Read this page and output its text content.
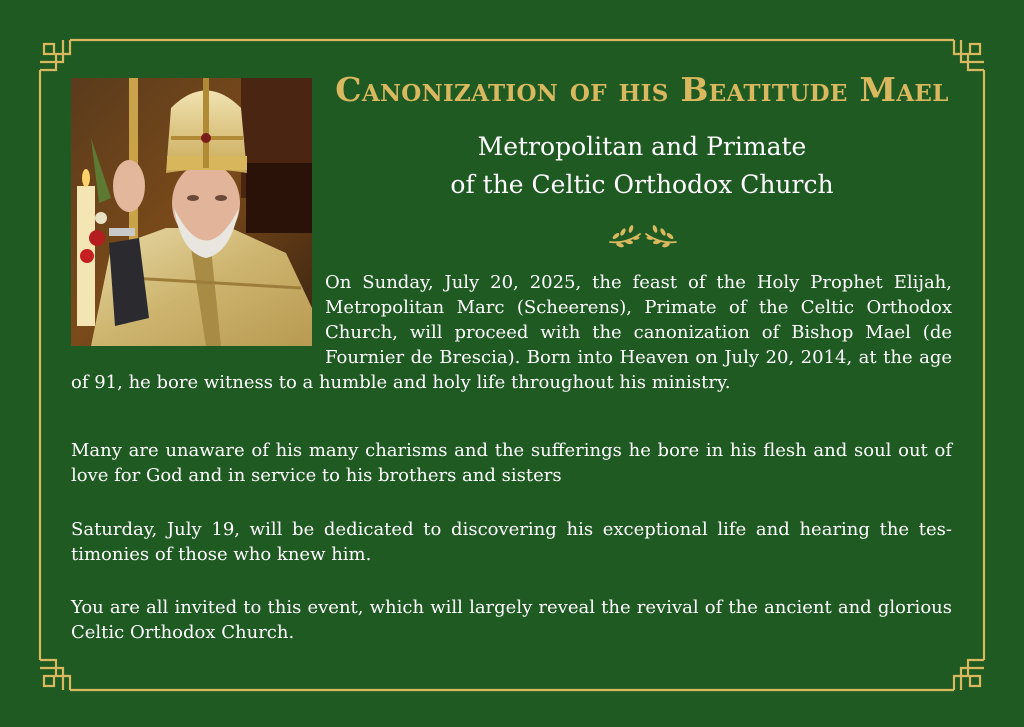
Canonization of his Beatitude Mael
Metropolitan and Primate
of the Celtic Orthodox Church
On Sunday, July 20, 2025, the feast of the Holy Prophet Elijah, Metropolitan Marc (Scheerens), Primate of the Celtic Orthodox Church, will proceed with the canonization of Bishop Mael (de Fournier de Brescia). Born into Heaven on July 20, 2014, at the age of 91, he bore witness to a humble and holy life throughout his ministry.

Many are unaware of his many charisms and the sufferings he bore in his flesh and soul out of love for God and in service to his brothers and sisters

Saturday, July 19, will be dedicated to discovering his exceptional life and hearing the tes-timonies of those who knew him.

You are all invited to this event, which will largely reveal the revival of the ancient and glorious Celtic Orthodox Church.
